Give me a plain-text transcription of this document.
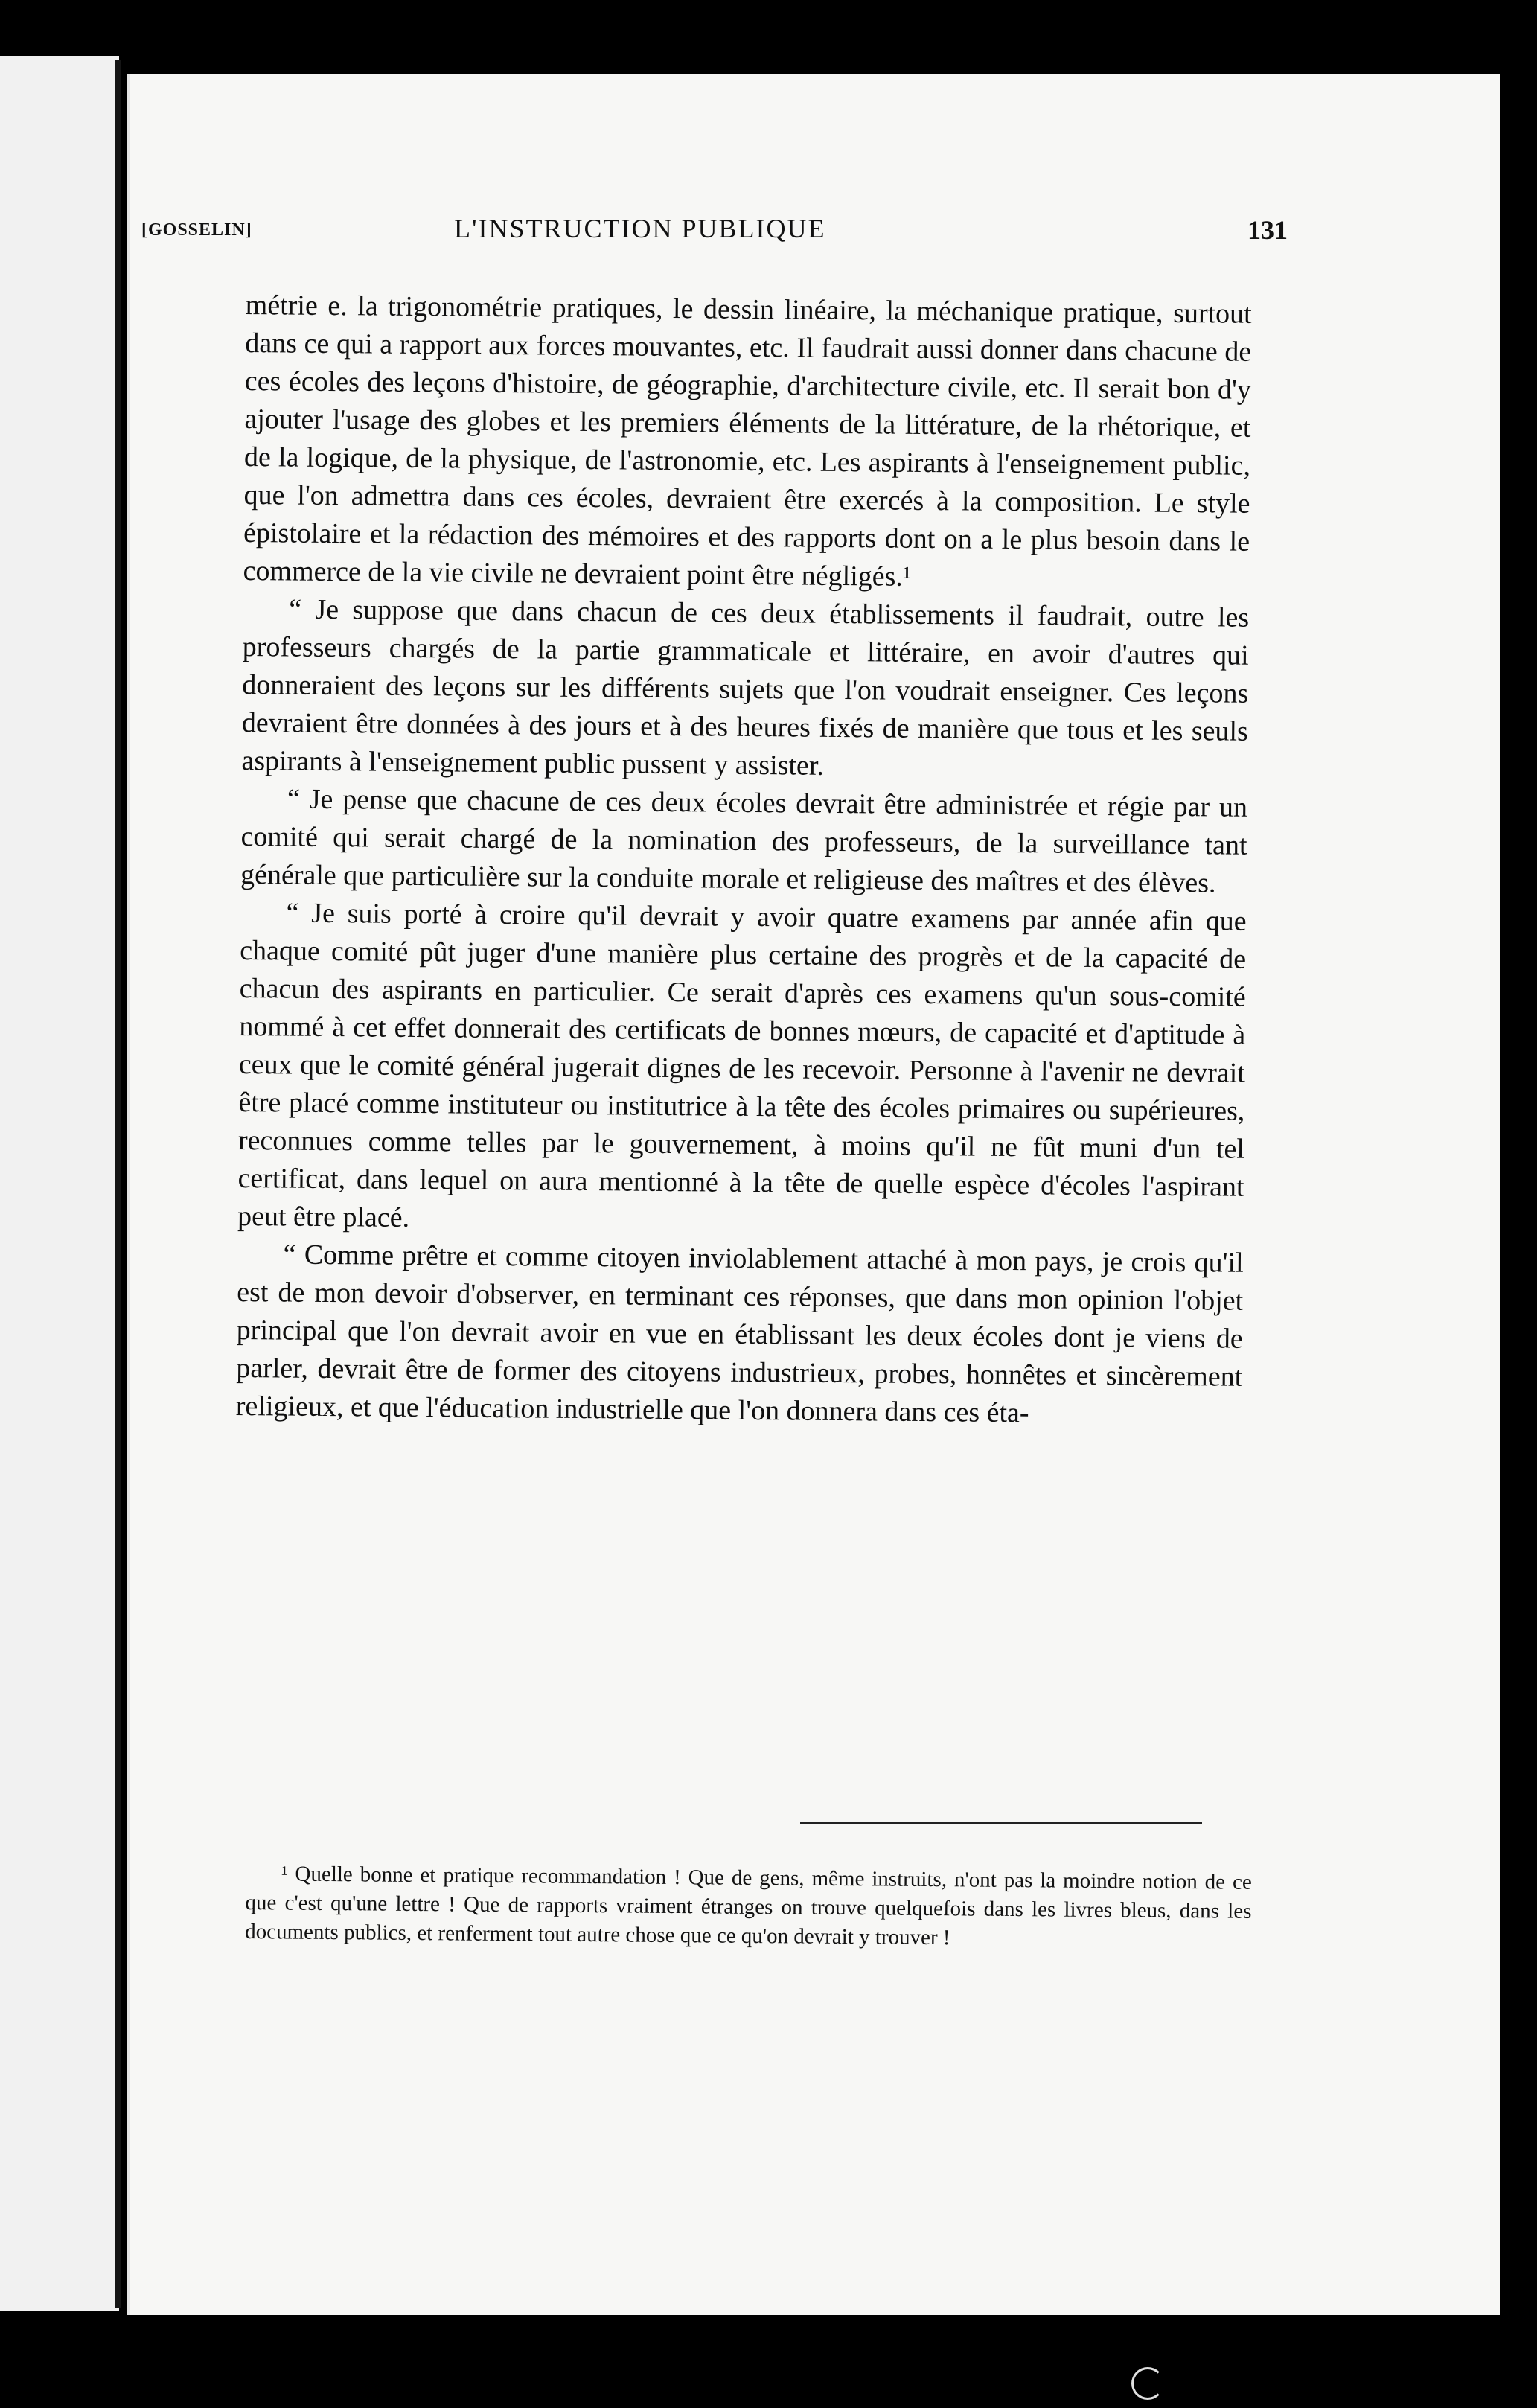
[GOSSELIN]	L'INSTRUCTION PUBLIQUE	131

métrie e. la trigonométrie pratiques, le dessin linéaire, la méchanique pratique, surtout dans ce qui a rapport aux forces mouvantes, etc. Il faudrait aussi donner dans chacune de ces écoles des leçons d'histoire, de géographie, d'architecture civile, etc. Il serait bon d'y ajouter l'usage des globes et les premiers éléments de la littérature, de la rhétorique, et de la logique, de la physique, de l'astronomie, etc. Les aspirants à l'enseignement public, que l'on admettra dans ces écoles, devraient être exercés à la composition. Le style épistolaire et la rédaction des mémoires et des rapports dont on a le plus besoin dans le commerce de la vie civile ne devraient point être négligés.¹

“ Je suppose que dans chacun de ces deux établissements il faudrait, outre les professeurs chargés de la partie grammaticale et littéraire, en avoir d'autres qui donneraient des leçons sur les différents sujets que l'on voudrait enseigner. Ces leçons devraient être données à des jours et à des heures fixés de manière que tous et les seuls aspirants à l'enseignement public pussent y assister.

“ Je pense que chacune de ces deux écoles devrait être administrée et régie par un comité qui serait chargé de la nomination des professeurs, de la surveillance tant générale que particulière sur la conduite morale et religieuse des maîtres et des élèves.

“ Je suis porté à croire qu'il devrait y avoir quatre examens par année afin que chaque comité pût juger d'une manière plus certaine des progrès et de la capacité de chacun des aspirants en particulier. Ce serait d'après ces examens qu'un sous-comité nommé à cet effet donnerait des certificats de bonnes mœurs, de capacité et d'aptitude à ceux que le comité général jugerait dignes de les recevoir. Personne à l'avenir ne devrait être placé comme instituteur ou institutrice à la tête des écoles primaires ou supérieures, reconnues comme telles par le gouvernement, à moins qu'il ne fût muni d'un tel certificat, dans lequel on aura mentionné à la tête de quelle espèce d'écoles l'aspirant peut être placé.

“ Comme prêtre et comme citoyen inviolablement attaché à mon pays, je crois qu'il est de mon devoir d'observer, en terminant ces réponses, que dans mon opinion l'objet principal que l'on devrait avoir en vue en établissant les deux écoles dont je viens de parler, devrait être de former des citoyens industrieux, probes, honnêtes et sincèrement religieux, et que l'éducation industrielle que l'on donnera dans ces éta-

¹ Quelle bonne et pratique recommandation ! Que de gens, même instruits, n'ont pas la moindre notion de ce que c'est qu'une lettre ! Que de rapports vraiment étranges on trouve quelquefois dans les livres bleus, dans les documents publics, et renferment tout autre chose que ce qu'on devrait y trouver !
